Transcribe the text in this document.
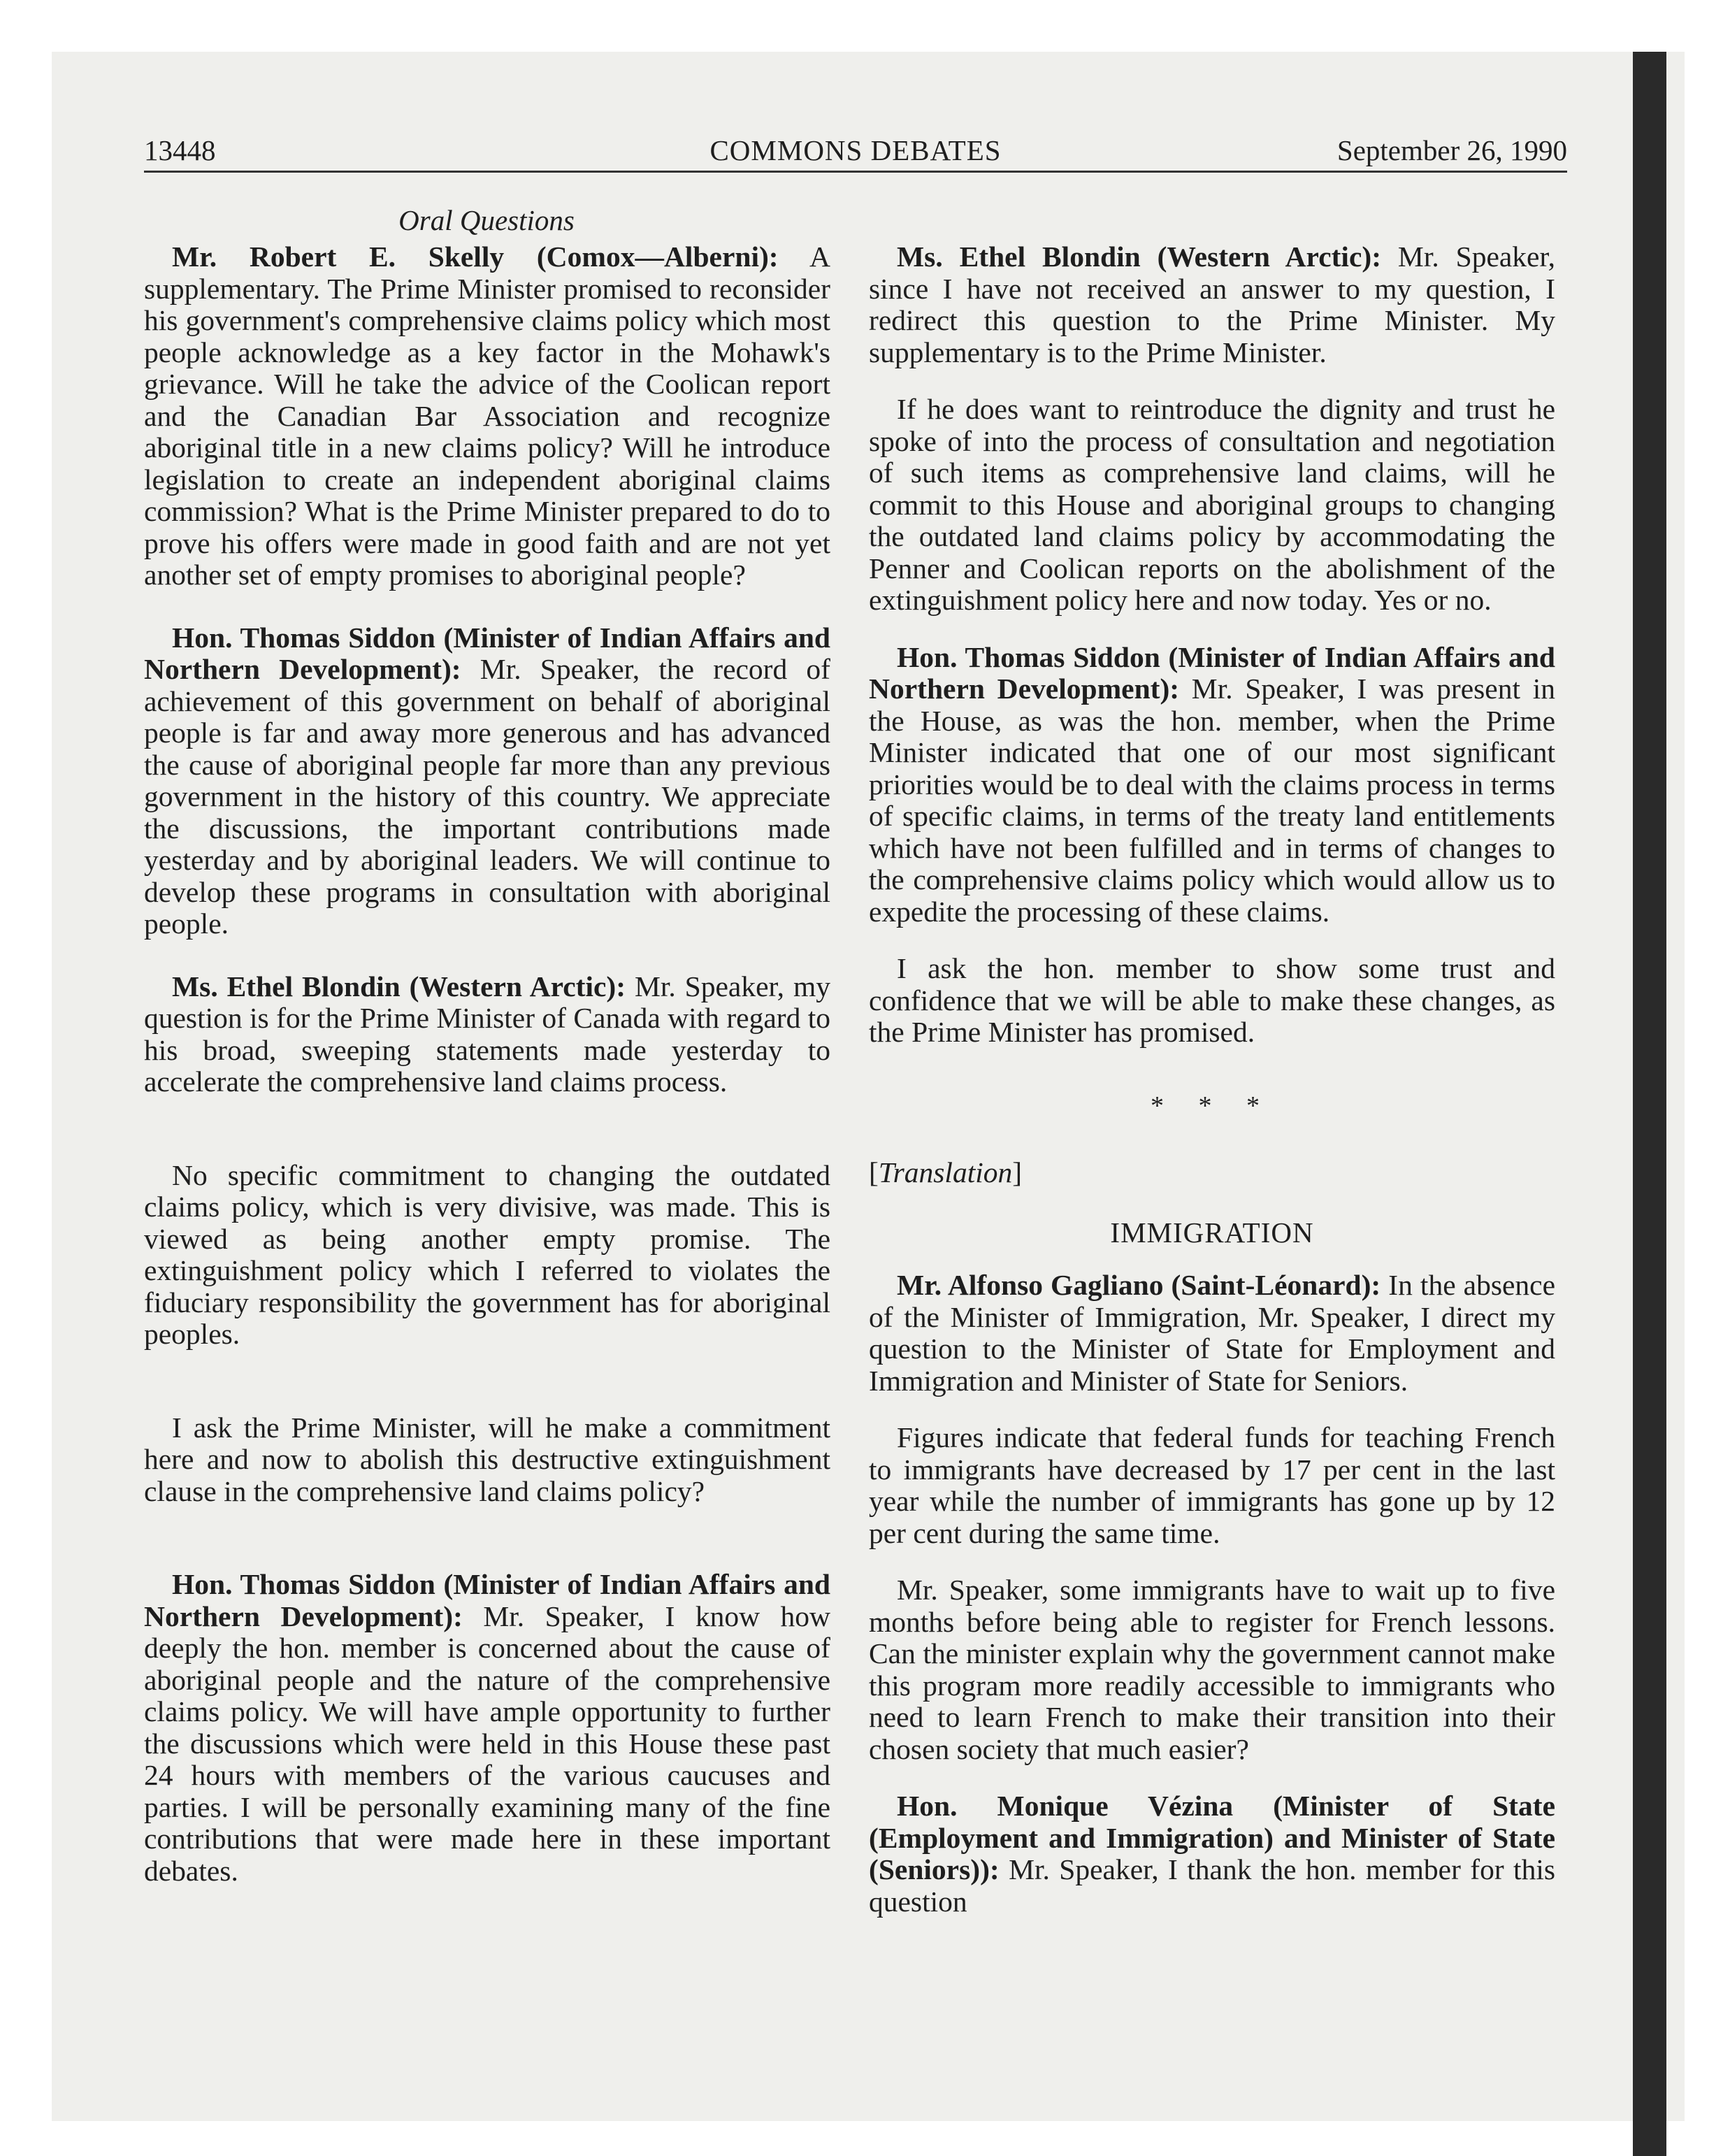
13448	COMMONS DEBATES	September 26, 1990
Oral Questions

Mr. Robert E. Skelly (Comox—Alberni): A supplementary. The Prime Minister promised to reconsider his government's comprehensive claims policy which most people acknowledge as a key factor in the Mohawk's grievance. Will he take the advice of the Coolican report and the Canadian Bar Association and recognize aboriginal title in a new claims policy? Will he introduce legislation to create an independent aboriginal claims commission? What is the Prime Minister prepared to do to prove his offers were made in good faith and are not yet another set of empty promises to aboriginal people?

Hon. Thomas Siddon (Minister of Indian Affairs and Northern Development): Mr. Speaker, the record of achievement of this government on behalf of aboriginal people is far and away more generous and has advanced the cause of aboriginal people far more than any previous government in the history of this country. We appreciate the discussions, the important contributions made yesterday and by aboriginal leaders. We will continue to develop these programs in consultation with aboriginal people.

Ms. Ethel Blondin (Western Arctic): Mr. Speaker, my question is for the Prime Minister of Canada with regard to his broad, sweeping statements made yesterday to accelerate the comprehensive land claims process.

No specific commitment to changing the outdated claims policy, which is very divisive, was made. This is viewed as being another empty promise. The extinguishment policy which I referred to violates the fiduciary responsibility the government has for aboriginal peoples.

I ask the Prime Minister, will he make a commitment here and now to abolish this destructive extinguishment clause in the comprehensive land claims policy?

Hon. Thomas Siddon (Minister of Indian Affairs and Northern Development): Mr. Speaker, I know how deeply the hon. member is concerned about the cause of aboriginal people and the nature of the comprehensive claims policy. We will have ample opportunity to further the discussions which were held in this House these past 24 hours with members of the various caucuses and parties. I will be personally examining many of the fine contributions that were made here in these important debates.

Ms. Ethel Blondin (Western Arctic): Mr. Speaker, since I have not received an answer to my question, I redirect this question to the Prime Minister. My supplementary is to the Prime Minister.

If he does want to reintroduce the dignity and trust he spoke of into the process of consultation and negotiation of such items as comprehensive land claims, will he commit to this House and aboriginal groups to changing the outdated land claims policy by accommodating the Penner and Coolican reports on the abolishment of the extinguishment policy here and now today. Yes or no.

Hon. Thomas Siddon (Minister of Indian Affairs and Northern Development): Mr. Speaker, I was present in the House, as was the hon. member, when the Prime Minister indicated that one of our most significant priorities would be to deal with the claims process in terms of specific claims, in terms of the treaty land entitlements which have not been fulfilled and in terms of changes to the comprehensive claims policy which would allow us to expedite the processing of these claims.

I ask the hon. member to show some trust and confidence that we will be able to make these changes, as the Prime Minister has promised.

* * *

[Translation]

IMMIGRATION

Mr. Alfonso Gagliano (Saint-Léonard): In the absence of the Minister of Immigration, Mr. Speaker, I direct my question to the Minister of State for Employment and Immigration and Minister of State for Seniors.

Figures indicate that federal funds for teaching French to immigrants have decreased by 17 per cent in the last year while the number of immigrants has gone up by 12 per cent during the same time.

Mr. Speaker, some immigrants have to wait up to five months before being able to register for French lessons. Can the minister explain why the government cannot make this program more readily accessible to immigrants who need to learn French to make their transition into their chosen society that much easier?

Hon. Monique Vézina (Minister of State (Employment and Immigration) and Minister of State (Seniors)): Mr. Speaker, I thank the hon. member for this question
